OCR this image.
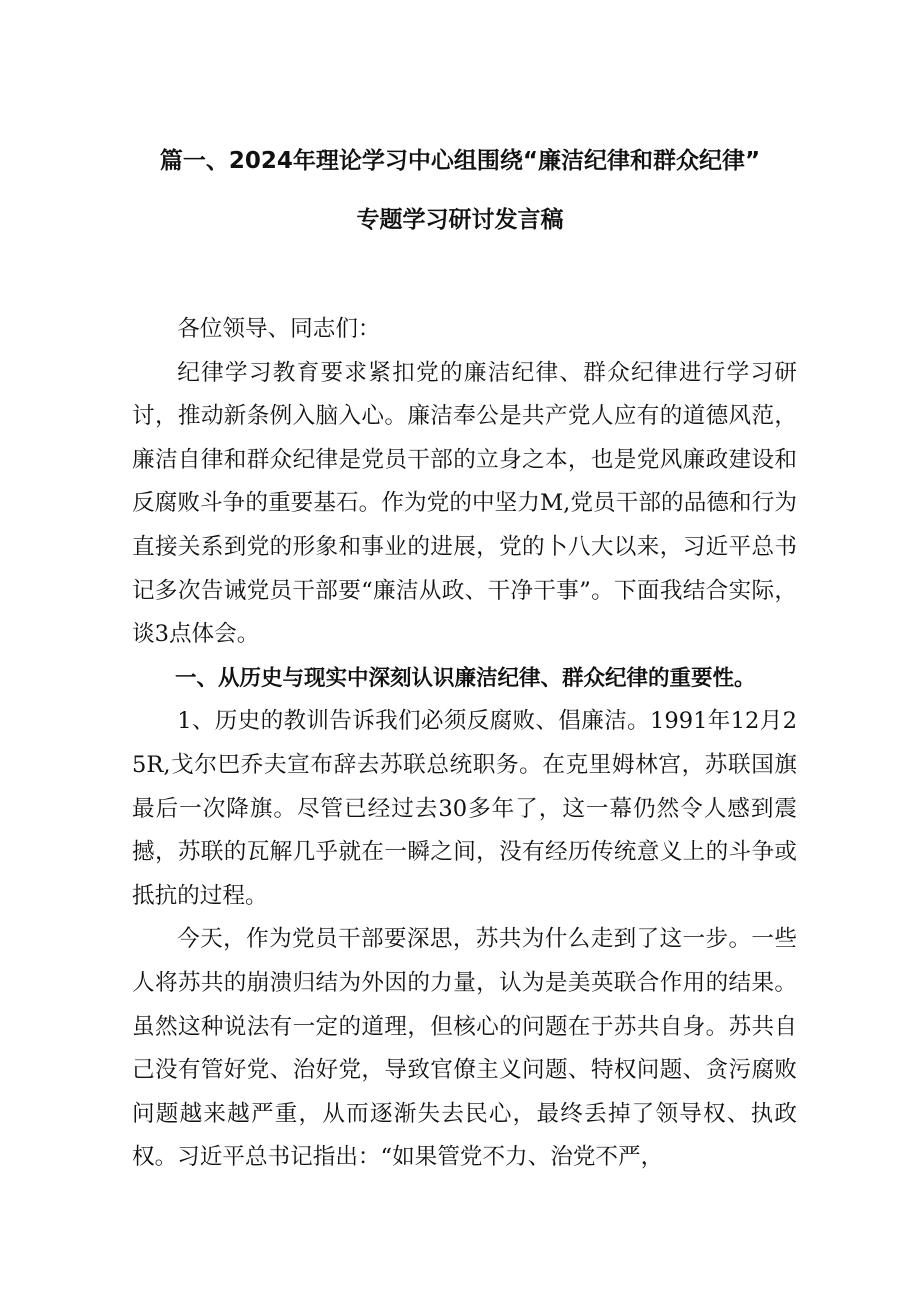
篇一、2024年理论学习中心组围绕“廉洁纪律和群众纪律”
专题学习研讨发言稿

各位领导、同志们：

纪律学习教育要求紧扣党的廉洁纪律、群众纪律进行学习研讨，推动新条例入脑入心。廉洁奉公是共产党人应有的道德风范，廉洁自律和群众纪律是党员干部的立身之本，也是党风廉政建设和反腐败斗争的重要基石。作为党的中坚力M,党员干部的品德和行为直接关系到党的形象和事业的进展，党的卜八大以来，习近平总书记多次告诫党员干部要“廉洁从政、干净干事”。下面我结合实际，谈3点体会。

一、从历史与现实中深刻认识廉洁纪律、群众纪律的重要性。

1、历史的教训告诉我们必须反腐败、倡廉洁。1991年12月25R,戈尔巴乔夫宣布辞去苏联总统职务。在克里姆林宫，苏联国旗最后一次降旗。尽管已经过去30多年了，这一幕仍然令人感到震撼，苏联的瓦解几乎就在一瞬之间，没有经历传统意义上的斗争或抵抗的过程。

今天，作为党员干部要深思，苏共为什么走到了这一步。一些人将苏共的崩溃归结为外因的力量，认为是美英联合作用的结果。虽然这种说法有一定的道理，但核心的问题在于苏共自身。苏共自己没有管好党、治好党，导致官僚主义问题、特权问题、贪污腐败问题越来越严重，从而逐渐失去民心，最终丢掉了领导权、执政权。习近平总书记指出：“如果管党不力、治党不严，
